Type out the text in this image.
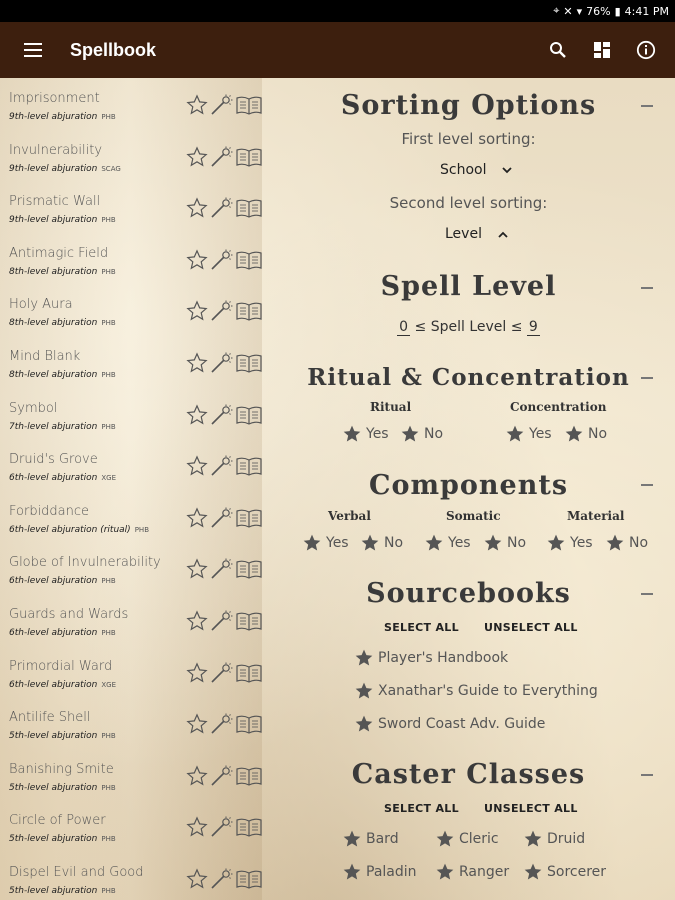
⌖ ✕ ▾ 76% ▮ 4:41 PM
Spellbook
Imprisonment
9th-level abjuration PHB
Invulnerability
9th-level abjuration SCAG
Prismatic Wall
9th-level abjuration PHB
Antimagic Field
8th-level abjuration PHB
Holy Aura
8th-level abjuration PHB
Mind Blank
8th-level abjuration PHB
Symbol
7th-level abjuration PHB
Druid's Grove
6th-level abjuration XGE
Forbiddance
6th-level abjuration (ritual) PHB
Globe of Invulnerability
6th-level abjuration PHB
Guards and Wards
6th-level abjuration PHB
Primordial Ward
6th-level abjuration XGE
Antilife Shell
5th-level abjuration PHB
Banishing Smite
5th-level abjuration PHB
Circle of Power
5th-level abjuration PHB
Dispel Evil and Good
5th-level abjuration PHB
Sorting Options
First level sorting:
School
Second level sorting:
Level
Spell Level
0 ≤ Spell Level ≤ 9
Ritual & Concentration
Ritual	Concentration
Yes	No	Yes	No
Components
Verbal	Somatic	Material
Yes	No	Yes	No	Yes	No
Sourcebooks
SELECT ALL UNSELECT ALL
Player's Handbook
Xanathar's Guide to Everything
Sword Coast Adv. Guide
Caster Classes
SELECT ALL UNSELECT ALL
Bard	Cleric	Druid
Paladin	Ranger	Sorcerer
